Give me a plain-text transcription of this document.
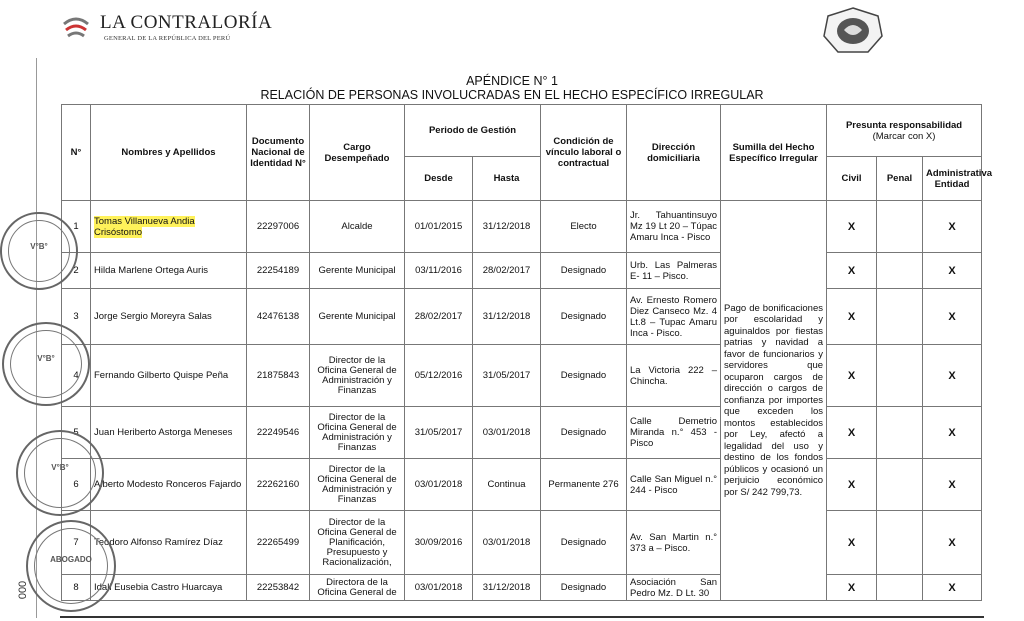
LA CONTRALORÍA
GENERAL DE LA REPÚBLICA DEL PERÚ
APÉNDICE N° 1
RELACIÓN DE PERSONAS INVOLUCRADAS EN EL HECHO ESPECÍFICO IRREGULAR
N°	Nombres y Apellidos	Documento Nacional de Identidad N°	Cargo Desempeñado	Periodo de Gestión		Condición de vínculo laboral o contractual	Dirección domiciliaria	Sumilla del Hecho Específico Irregular	Presunta responsabilidad
(Marcar con X)		

				Desde	Hasta				Civil	Penal	Administrativa Entidad
1	Tomas Villanueva Andia Crisóstomo	22297006	Alcalde	01/01/2015	31/12/2018	Electo	Jr. Tahuantinsuyo Mz 19 Lt 20 – Túpac Amaru Inca - Pisco	Pago de bonificaciones por escolaridad y aguinaldos por fiestas patrias y navidad a favor de funcionarios y servidores que ocuparon cargos de dirección o cargos de confianza por importes que exceden los montos establecidos por Ley, afectó a legalidad del uso y destino de los fondos públicos y ocasionó un perjuicio económico por S/ 242 799,73.	X		X
2	Hilda Marlene Ortega Auris	22254189	Gerente Municipal	03/11/2016	28/02/2017	Designado	Urb. Las Palmeras E- 11 – Pisco.		X		X
3	Jorge Sergio Moreyra Salas	42476138	Gerente Municipal	28/02/2017	31/12/2018	Designado	Av. Ernesto Romero Diez Canseco Mz. 4 Lt.8 – Tupac Amaru Inca - Pisco.		X		X
4	Fernando Gilberto Quispe Peña	21875843	Director de la Oficina General de Administración y Finanzas	05/12/2016	31/05/2017	Designado	La Victoria 222 – Chincha.		X		X
5	Juan Heriberto Astorga Meneses	22249546	Director de la Oficina General de Administración y Finanzas	31/05/2017	03/01/2018	Designado	Calle Demetrio Miranda n.° 453 - Pisco		X		X
6	Alberto Modesto Ronceros Fajardo	22262160	Director de la Oficina General de Administración y Finanzas	03/01/2018	Continua	Permanente 276	Calle San Miguel n.° 244 - Pisco		X		X
7	Teodoro Alfonso Ramírez Díaz	22265499	Director de la Oficina General de Planificación, Presupuesto y Racionalización,	30/09/2016	03/01/2018	Designado	Av. San Martin n.° 373 a – Pisco.		X		X
8	Idali Eusebia Castro Huarcaya	22253842	Directora de la Oficina General de	03/01/2018	31/12/2018	Designado	Asociación San Pedro Mz. D Lt. 30		X		X
V°B°
V°B°
V°B°
ABOGADO
000
